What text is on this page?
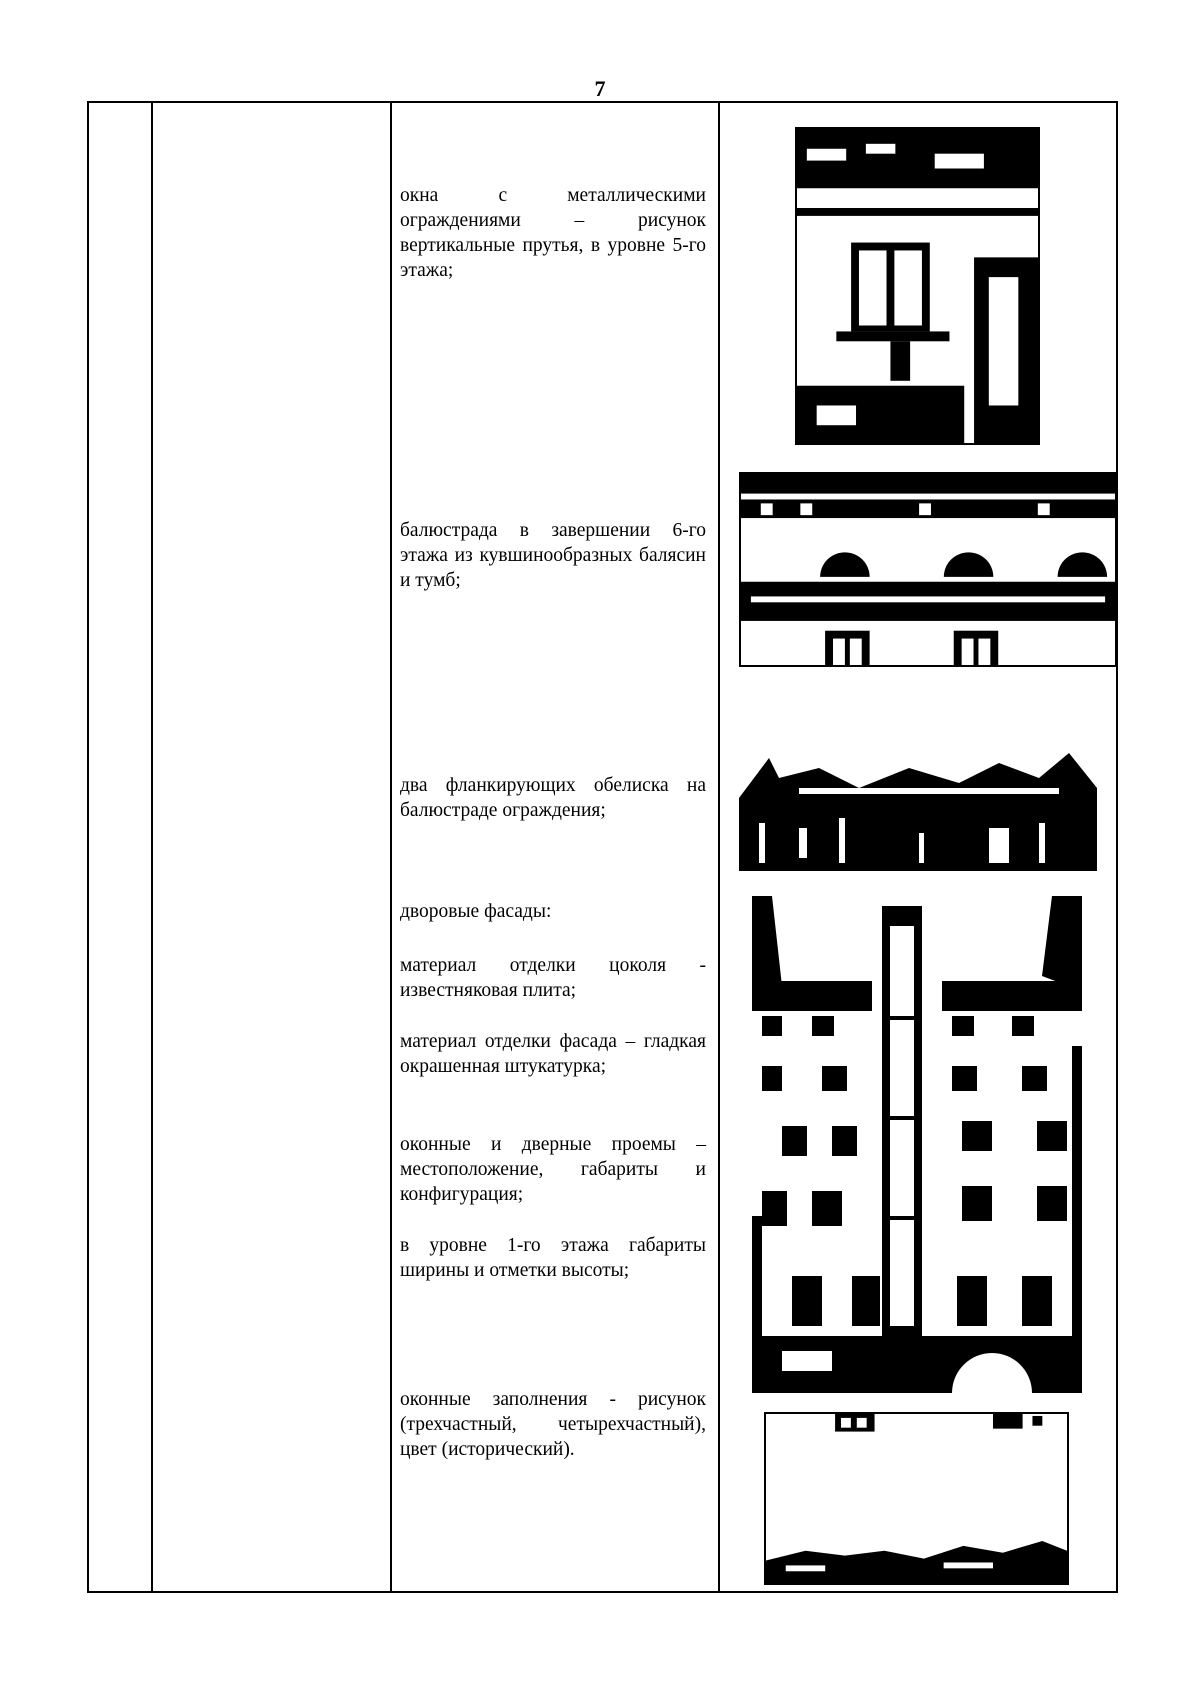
7

окна с металлическими ограждениями – рисунок вертикальные прутья, в уровне 5-го этажа;

балюстрада в завершении 6-го этажа из кувшинообразных балясин и тумб;

два фланкирующих обелиска на балюстраде ограждения;

дворовые фасады:

материал отделки цоколя - известняковая плита;

материал отделки фасада – гладкая окрашенная штукатурка;

оконные и дверные проемы – местоположение, габариты и конфигурация;

в уровне 1-го этажа габариты ширины и отметки высоты;

оконные заполнения - рисунок (трехчастный, четырехчастный), цвет (исторический).
